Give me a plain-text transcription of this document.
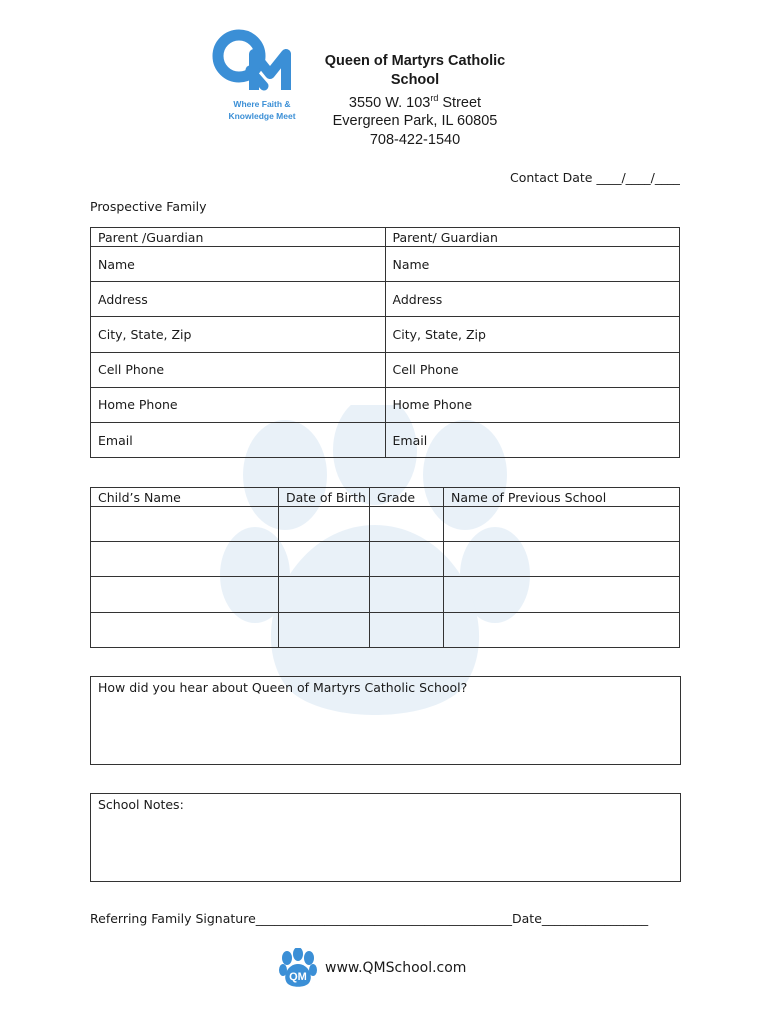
Where Faith &
Knowledge Meet
Queen of Martyrs Catholic School
3550 W. 103rd Street
Evergreen Park, IL 60805
708-422-1540
Contact Date ____/____/____
Prospective Family
Parent /Guardian	Parent/ Guardian
Name	Name
Address	Address
City, State, Zip	City, State, Zip
Cell Phone	Cell Phone
Home Phone	Home Phone
Email	Email
Child’s Name	Date of Birth	Grade	Name of Previous School

How did you hear about Queen of Martyrs Catholic School?
School Notes:
Referring Family Signature_________________________________________Date_________________
QM
www.QMSchool.com
